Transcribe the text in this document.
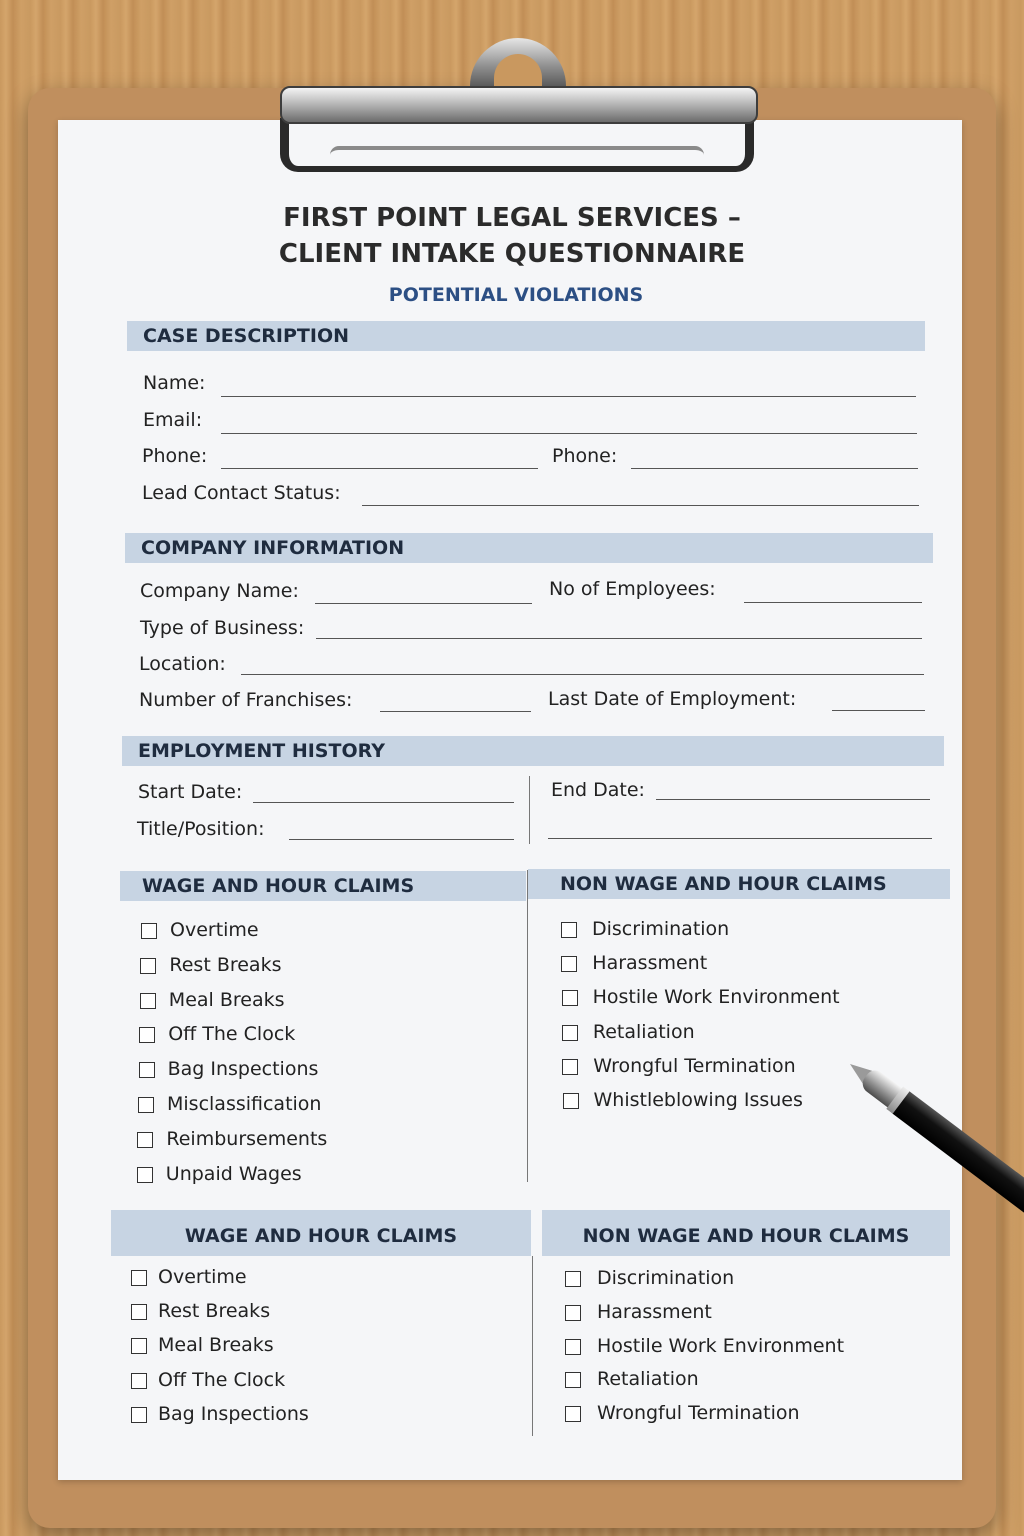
FIRST POINT LEGAL SERVICES –
CLIENT INTAKE QUESTIONNAIRE
POTENTIAL VIOLATIONS
CASE DESCRIPTION
Name:
Email:
Phone:	Phone:
Lead Contact Status:
COMPANY INFORMATION
Company Name:	No of Employees:
Type of Business:
Location:
Number of Franchises:	Last Date of Employment:
EMPLOYMENT HISTORY
Start Date:
Title/Position:
End Date:
WAGE AND HOUR CLAIMS	NON WAGE AND HOUR CLAIMS
Overtime
Rest Breaks
Meal Breaks
Off The Clock
Bag Inspections
Misclassification
Reimbursements
Unpaid Wages
Discrimination
Harassment
Hostile Work Environment
Retaliation
Wrongful Termination
Whistleblowing Issues
WAGE AND HOUR CLAIMS	NON WAGE AND HOUR CLAIMS
Overtime
Rest Breaks
Meal Breaks
Off The Clock
Bag Inspections
Discrimination
Harassment
Hostile Work Environment
Retaliation
Wrongful Termination
